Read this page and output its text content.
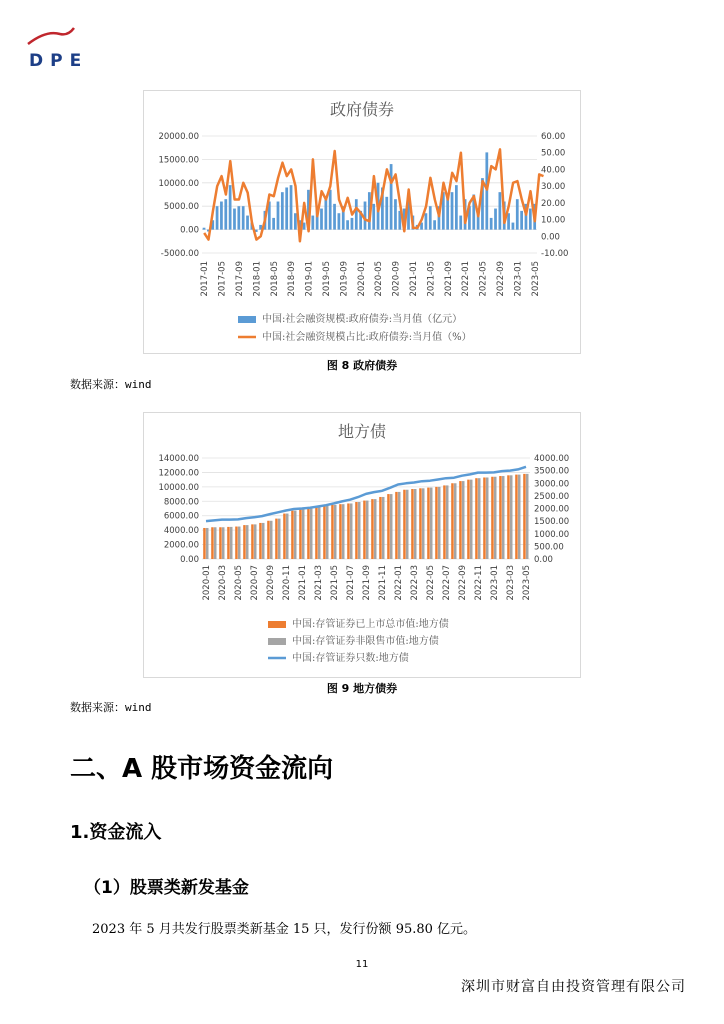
DPE
政府债券
20000.00
15000.00
10000.00
5000.00
0.00
-5000.00
60.00
50.00
40.00
30.00
20.00
10.00
0.00
-10.00
2017-01 2017-05 2017-09 2018-01 2018-05 2018-09 2019-01 2019-05 2019-09 2020-01 2020-05 2020-09 2021-01 2021-05 2021-09 2022-01 2022-05 2022-09 2023-01 2023-05
中国:社会融资规模:政府债券:当月值（亿元）
中国:社会融资规模占比:政府债券:当月值（%）
图 8 政府债券
数据来源：wind
地方债
14000.00
12000.00
10000.00
8000.00
6000.00
4000.00
2000.00
0.00
4000.00
3500.00
3000.00
2500.00
2000.00
1500.00
1000.00
500.00
0.00
2020-01 2020-03 2020-05 2020-07 2020-09 2020-11 2021-01 2021-03 2021-05 2021-07 2021-09 2021-11 2022-01 2022-03 2022-05 2022-07 2022-09 2022-11 2023-01 2023-03 2023-05
中国:存管证券已上市总市值:地方债
中国:存管证券非限售市值:地方债
中国:存管证券只数:地方债
图 9 地方债券
数据来源：wind
二、A 股市场资金流向
1.资金流入
（1）股票类新发基金
2023 年 5 月共发行股票类新基金 15 只，发行份额 95.80 亿元。
11
深圳市财富自由投资管理有限公司
